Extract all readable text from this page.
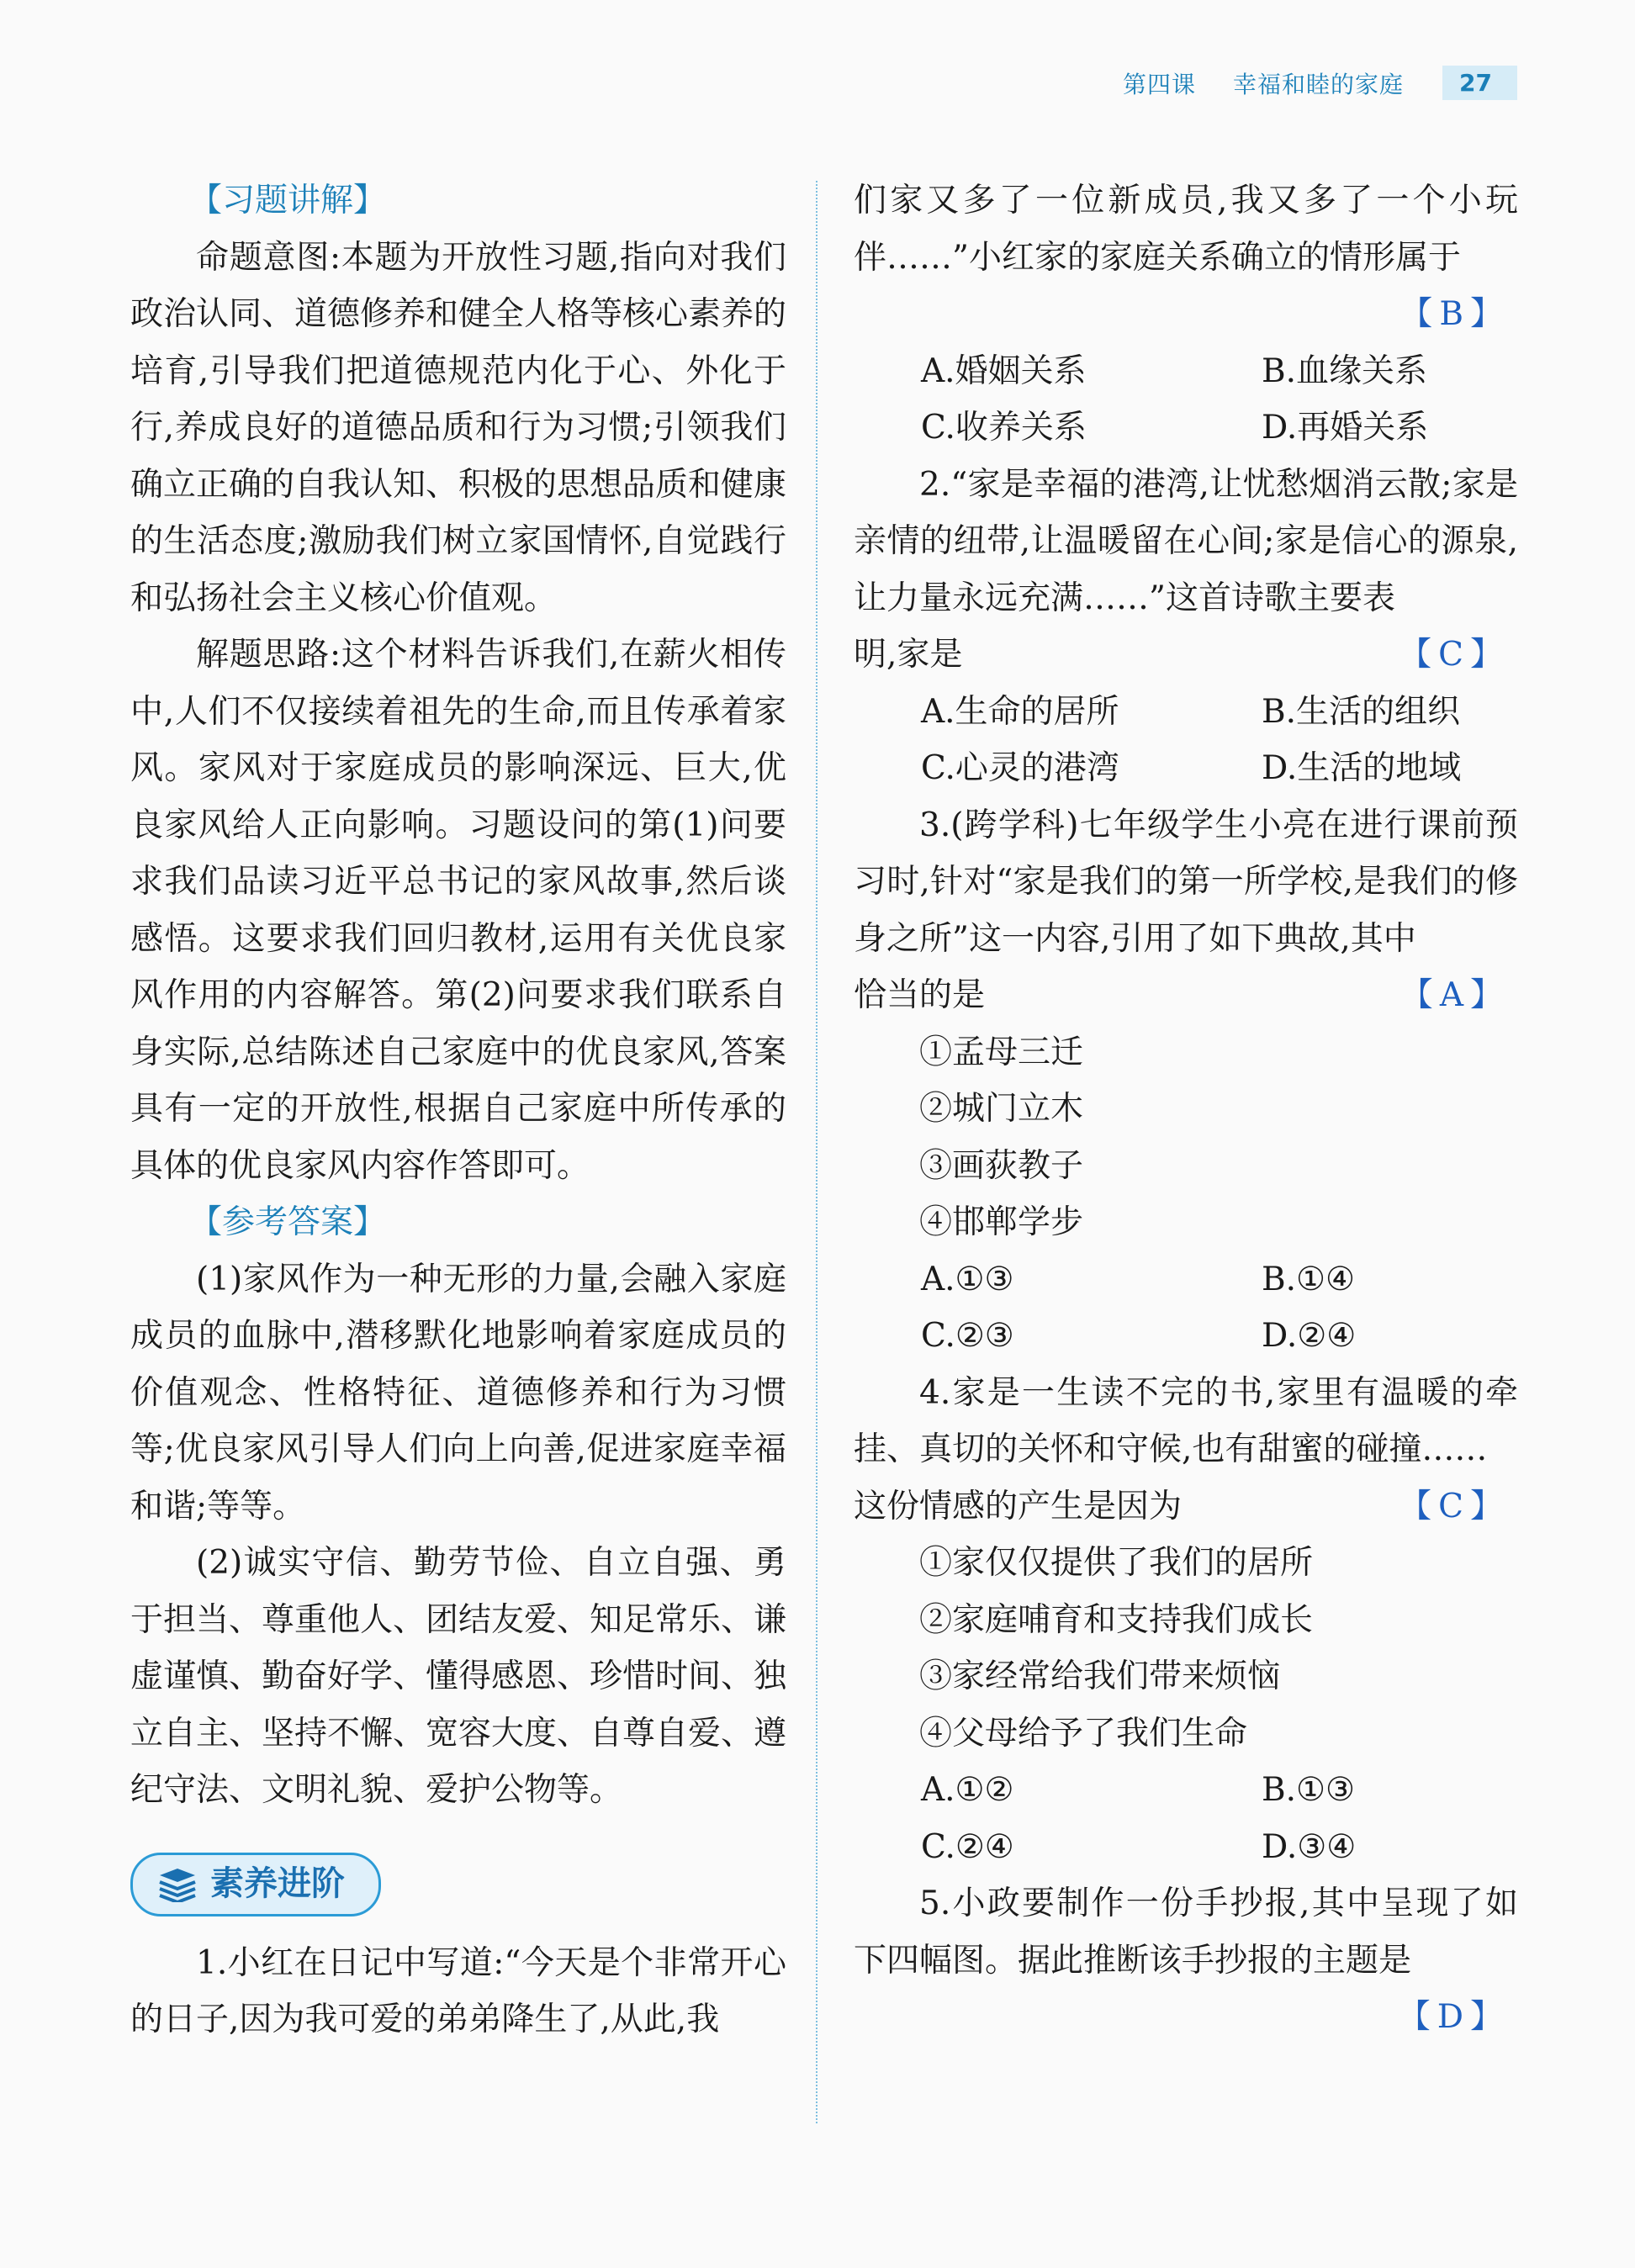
第四课 幸福和睦的家庭	27

【习题讲解】

命题意图:本题为开放性习题,指向对我们政治认同、道德修养和健全人格等核心素养的培育,引导我们把道德规范内化于心、外化于行,养成良好的道德品质和行为习惯;引领我们确立正确的自我认知、积极的思想品质和健康的生活态度;激励我们树立家国情怀,自觉践行和弘扬社会主义核心价值观。

解题思路:这个材料告诉我们,在薪火相传中,人们不仅接续着祖先的生命,而且传承着家风。家风对于家庭成员的影响深远、巨大,优良家风给人正向影响。习题设问的第(1)问要求我们品读习近平总书记的家风故事,然后谈感悟。这要求我们回归教材,运用有关优良家风作用的内容解答。第(2)问要求我们联系自身实际,总结陈述自己家庭中的优良家风,答案具有一定的开放性,根据自己家庭中所传承的具体的优良家风内容作答即可。

【参考答案】

(1)家风作为一种无形的力量,会融入家庭成员的血脉中,潜移默化地影响着家庭成员的价值观念、性格特征、道德修养和行为习惯等;优良家风引导人们向上向善,促进家庭幸福和谐;等等。

(2)诚实守信、勤劳节俭、自立自强、勇于担当、尊重他人、团结友爱、知足常乐、谦虚谨慎、勤奋好学、懂得感恩、珍惜时间、独立自主、坚持不懈、宽容大度、自尊自爱、遵纪守法、文明礼貌、爱护公物等。

素养进阶

1.小红在日记中写道:“今天是个非常开心的日子,因为我可爱的弟弟降生了,从此,我

们家又多了一位新成员,我又多了一个小玩伴……”小红家的家庭关系确立的情形属于

【B】

A.婚姻关系	B.血缘关系
C.收养关系	D.再婚关系

2.“家是幸福的港湾,让忧愁烟消云散;家是亲情的纽带,让温暖留在心间;家是信心的源泉,让力量永远充满……”这首诗歌主要表

明,家是	【C】

A.生命的居所	B.生活的组织
C.心灵的港湾	D.生活的地域

3.(跨学科)七年级学生小亮在进行课前预习时,针对“家是我们的第一所学校,是我们的修身之所”这一内容,引用了如下典故,其中

恰当的是	【A】

①孟母三迁

②城门立木

③画荻教子

④邯郸学步

A.①③	B.①④
C.②③	D.②④

4.家是一生读不完的书,家里有温暖的牵挂、真切的关怀和守候,也有甜蜜的碰撞……

这份情感的产生是因为	【C】

①家仅仅提供了我们的居所

②家庭哺育和支持我们成长

③家经常给我们带来烦恼

④父母给予了我们生命

A.①②	B.①③
C.②④	D.③④

5.小政要制作一份手抄报,其中呈现了如下四幅图。据此推断该手抄报的主题是

【D】
